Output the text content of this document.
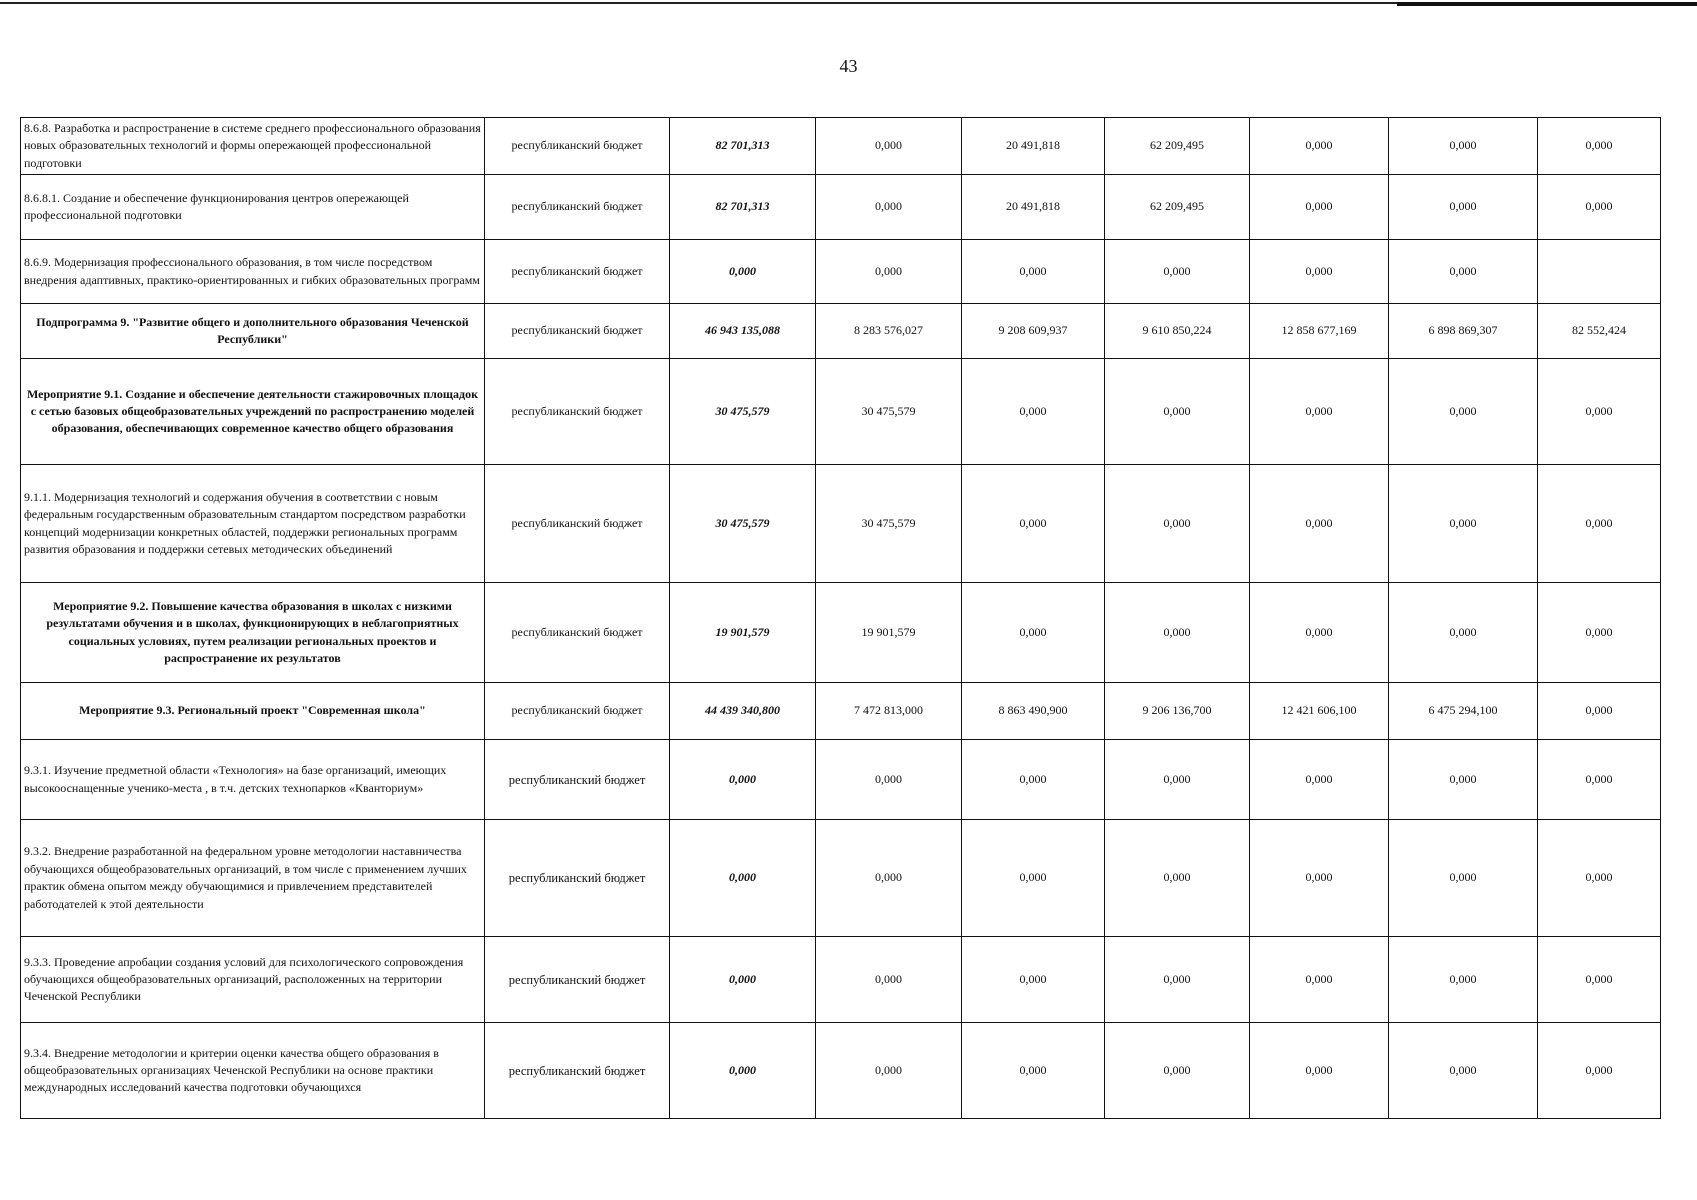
43
8.6.8. Разработка и распространение в системе среднего профессионального образования новых образовательных технологий и формы опережающей профессиональной подготовки	республиканский бюджет	82 701,313	0,000	20 491,818	62 209,495	0,000	0,000	0,000
8.6.8.1. Создание и обеспечение функционирования центров опережающей профессиональной подготовки	республиканский бюджет	82 701,313	0,000	20 491,818	62 209,495	0,000	0,000	0,000
8.6.9. Модернизация профессионального образования, в том числе посредством внедрения адаптивных, практико-ориентированных и гибких образовательных программ	республиканский бюджет	0,000	0,000	0,000	0,000	0,000	0,000	
Подпрограмма 9. "Развитие общего и дополнительного образования Чеченской Республики"	республиканский бюджет	46 943 135,088	8 283 576,027	9 208 609,937	9 610 850,224	12 858 677,169	6 898 869,307	82 552,424
Мероприятие 9.1. Создание и обеспечение деятельности стажировочных площадок с сетью базовых общеобразовательных учреждений по распространению моделей образования, обеспечивающих современное качество общего образования	республиканский бюджет	30 475,579	30 475,579	0,000	0,000	0,000	0,000	0,000
9.1.1. Модернизация технологий и содержания обучения в соответствии с новым федеральным государственным образовательным стандартом посредством разработки концепций модернизации конкретных областей, поддержки региональных программ развития образования и поддержки сетевых методических объединений	республиканский бюджет	30 475,579	30 475,579	0,000	0,000	0,000	0,000	0,000
Мероприятие 9.2. Повышение качества образования в школах с низкими результатами обучения и в школах, функционирующих в неблагоприятных социальных условиях, путем реализации региональных проектов и распространение их результатов	республиканский бюджет	19 901,579	19 901,579	0,000	0,000	0,000	0,000	0,000
Мероприятие 9.3. Региональный проект "Современная школа"	республиканский бюджет	44 439 340,800	7 472 813,000	8 863 490,900	9 206 136,700	12 421 606,100	6 475 294,100	0,000
9.3.1. Изучение предметной области «Технология» на базе организаций, имеющих высокооснащенные ученико-места , в т.ч. детских технопарков «Кванториум»	республиканский бюджет	0,000	0,000	0,000	0,000	0,000	0,000	0,000
9.3.2. Внедрение разработанной на федеральном уровне методологии наставничества обучающихся общеобразовательных организаций, в том числе с применением лучших практик обмена опытом между обучающимися и привлечением представителей работодателей к этой деятельности	республиканский бюджет	0,000	0,000	0,000	0,000	0,000	0,000	0,000
9.3.3. Проведение апробации создания условий для психологического сопровождения обучающихся общеобразовательных организаций, расположенных на территории Чеченской Республики	республиканский бюджет	0,000	0,000	0,000	0,000	0,000	0,000	0,000
9.3.4. Внедрение методологии и критерии оценки качества общего образования в общеобразовательных организациях Чеченской Республики на основе практики международных исследований качества подготовки обучающихся	республиканский бюджет	0,000	0,000	0,000	0,000	0,000	0,000	0,000
